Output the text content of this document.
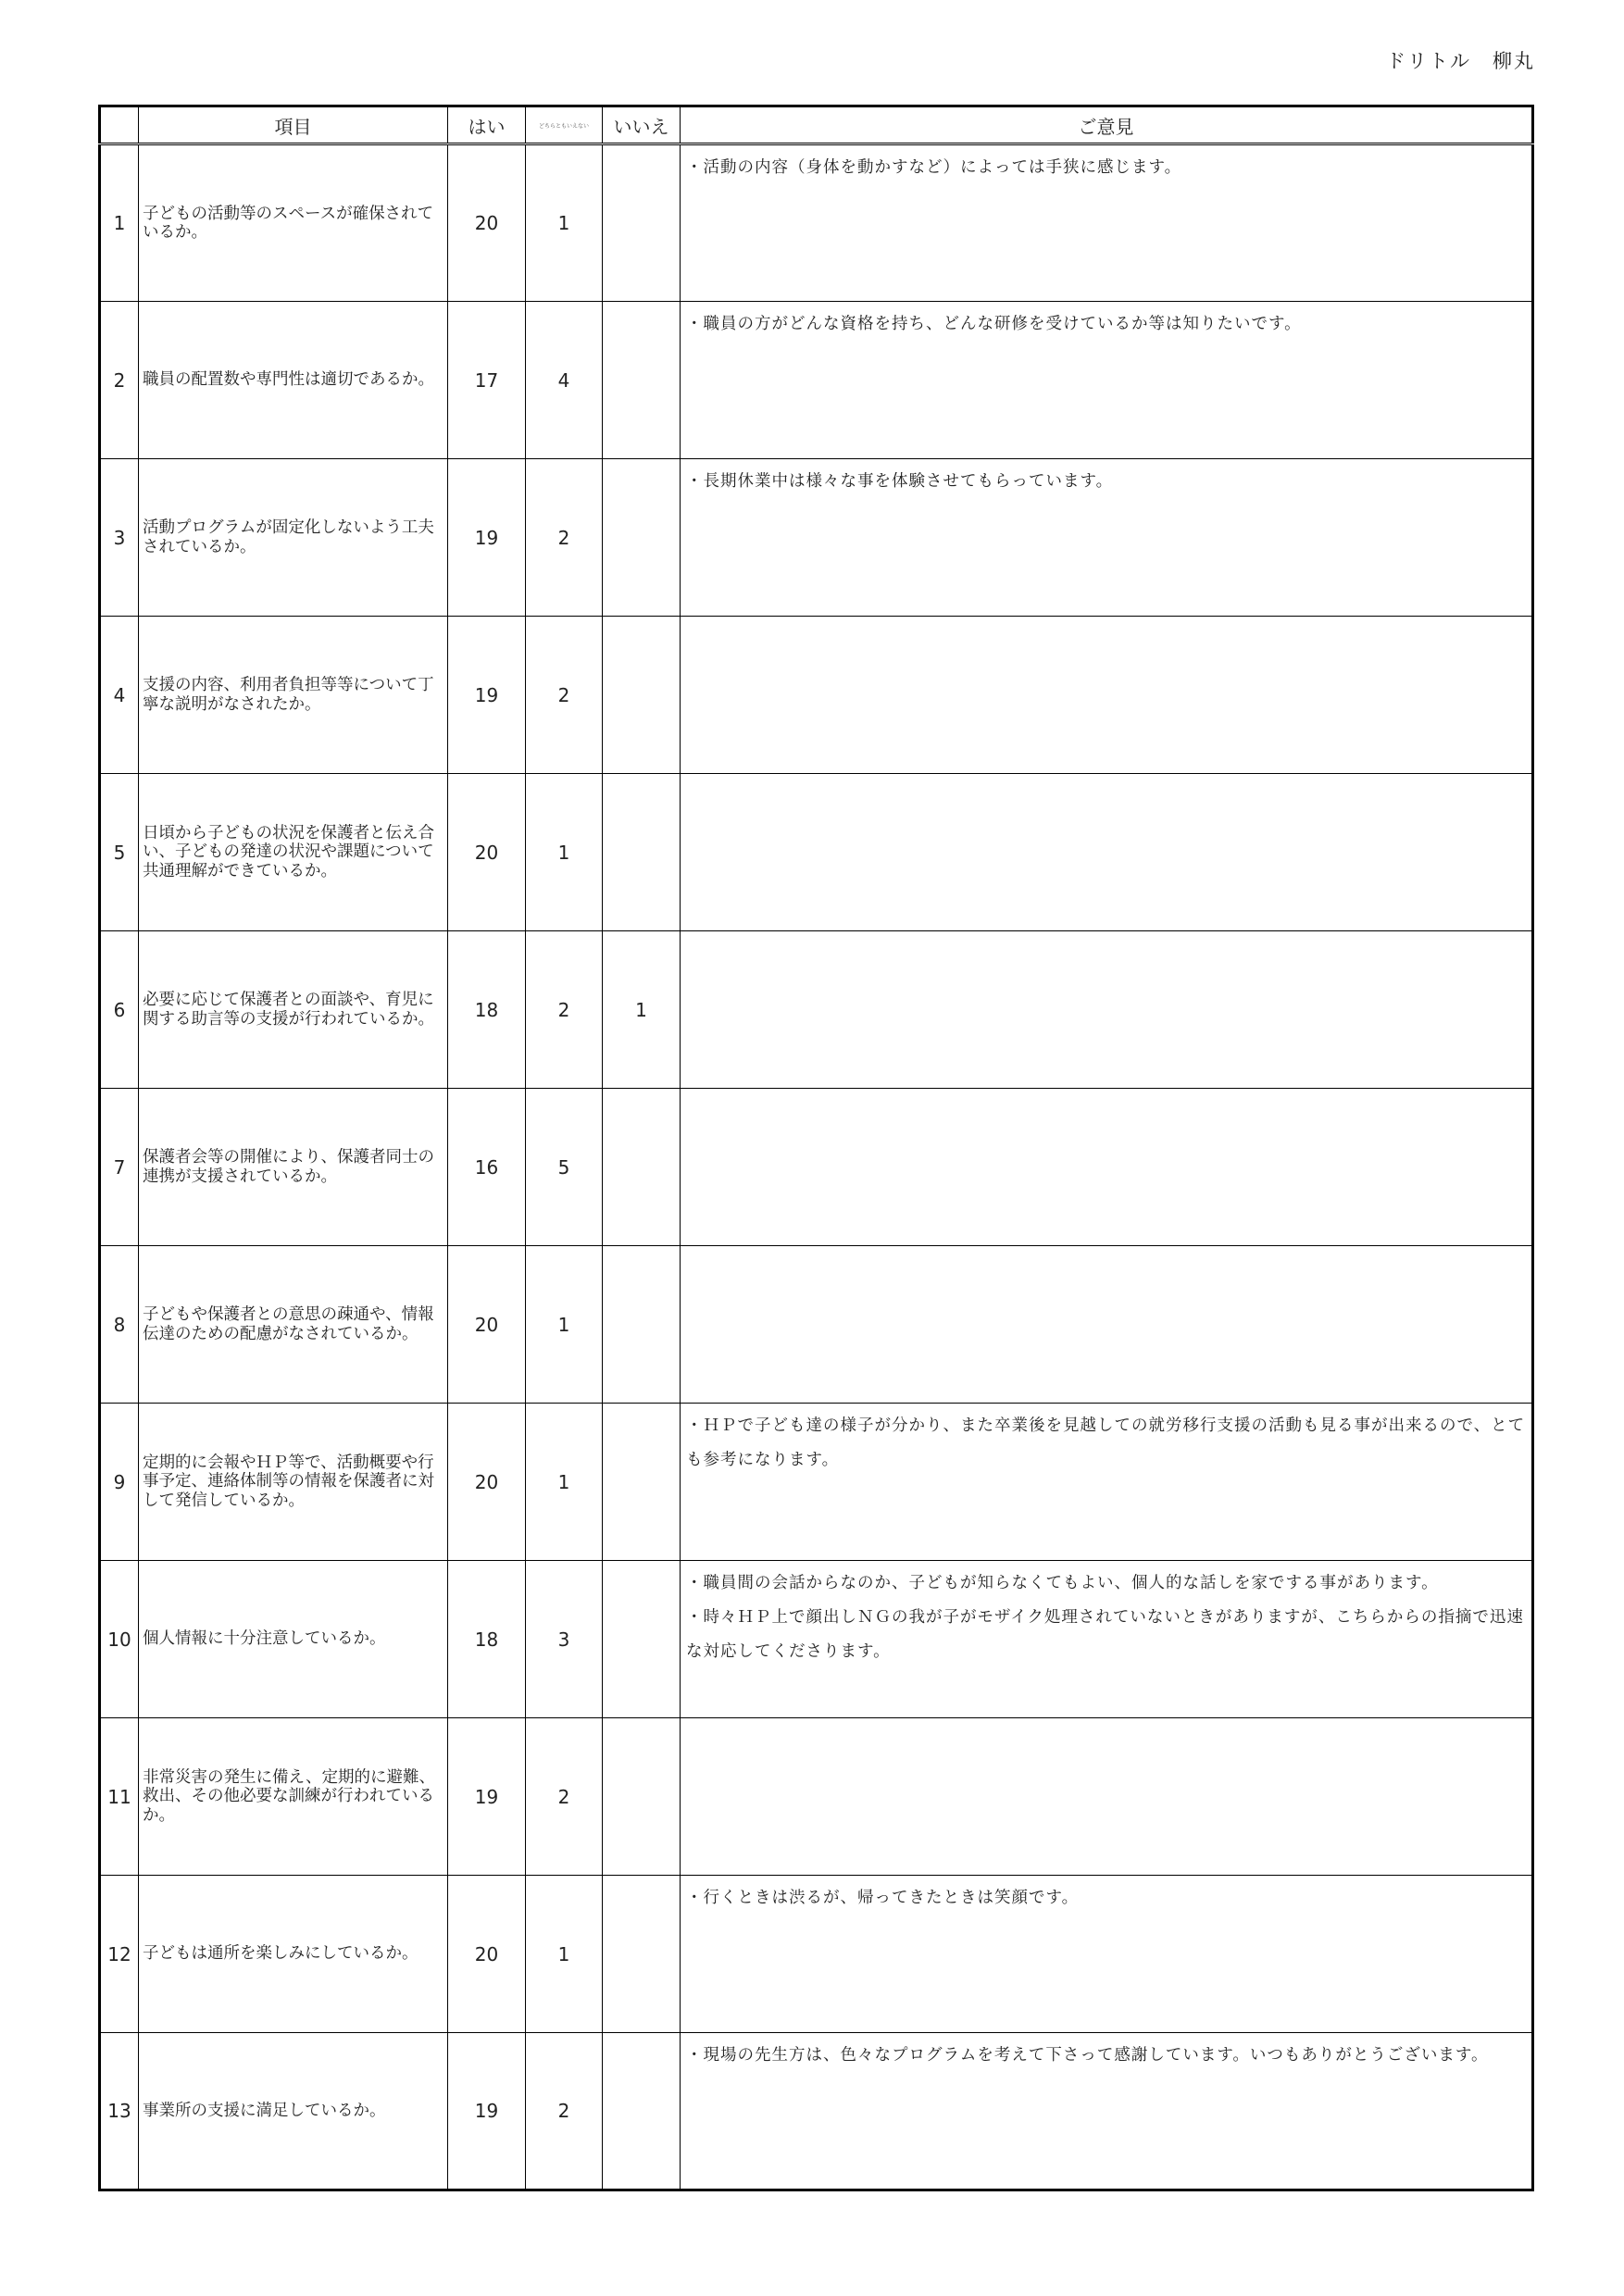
ドリトル　柳丸
	項目	はい	どちらともいえない	いいえ	ご意見
1	子どもの活動等のスペースが確保されているか。	20	1		・活動の内容（身体を動かすなど）によっては手狭に感じます。

2	職員の配置数や専門性は適切であるか。	17	4		・職員の方がどんな資格を持ち、どんな研修を受けているか等は知りたいです。

3	活動プログラムが固定化しないよう工夫されているか。	19	2		・長期休業中は様々な事を体験させてもらっています。

4	支援の内容、利用者負担等等について丁寧な説明がなされたか。	19	2		
5	日頃から子どもの状況を保護者と伝え合い、子どもの発達の状況や課題について共通理解ができているか。	20	1		
6	必要に応じて保護者との面談や、育児に関する助言等の支援が行われているか。	18	2	1	
7	保護者会等の開催により、保護者同士の連携が支援されているか。	16	5		
8	子どもや保護者との意思の疎通や、情報伝達のための配慮がなされているか。	20	1		
9	定期的に会報やＨＰ等で、活動概要や行事予定、連絡体制等の情報を保護者に対して発信しているか。	20	1		・ＨＰで子ども達の様子が分かり、また卒業後を見越しての就労移行支援の活動も見る事が出来るので、とても参考になります。

10	個人情報に十分注意しているか。	18	3		・職員間の会話からなのか、子どもが知らなくてもよい、個人的な話しを家でする事があります。
・時々ＨＰ上で顔出しＮＧの我が子がモザイク処理されていないときがありますが、こちらからの指摘で迅速な対応してくださります。

11	非常災害の発生に備え、定期的に避難、救出、その他必要な訓練が行われているか。	19	2		
12	子どもは通所を楽しみにしているか。	20	1		・行くときは渋るが、帰ってきたときは笑顔です。

13	事業所の支援に満足しているか。	19	2		・現場の先生方は、色々なプログラムを考えて下さって感謝しています。いつもありがとうございます。
